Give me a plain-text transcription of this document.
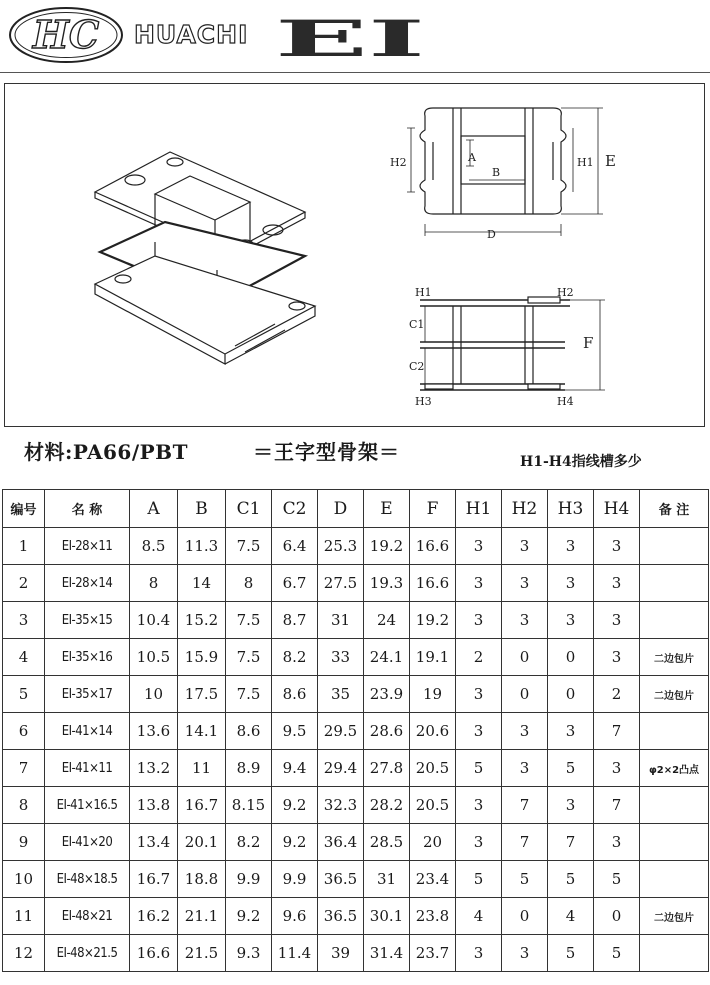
HC HUACHI EI
A
B
D
E
H1
H2
H1	H2
H3	H4
C1
C2
F
材料:PA66/PBT	＝王字型骨架＝	H1-H4指线槽多少
编号	名 称	A	B	C1	C2	D	E	F	H1	H2	H3	H4	备 注
1	EI-28×11	8.5	11.3	7.5	6.4	25.3	19.2	16.6	3	3	3	3	
2	EI-28×14	8	14	8	6.7	27.5	19.3	16.6	3	3	3	3	
3	EI-35×15	10.4	15.2	7.5	8.7	31	24	19.2	3	3	3	3	
4	EI-35×16	10.5	15.9	7.5	8.2	33	24.1	19.1	2	0	0	3	二边包片
5	EI-35×17	10	17.5	7.5	8.6	35	23.9	19	3	0	0	2	二边包片
6	EI-41×14	13.6	14.1	8.6	9.5	29.5	28.6	20.6	3	3	3	7	
7	EI-41×11	13.2	11	8.9	9.4	29.4	27.8	20.5	5	3	5	3	φ2×2凸点
8	EI-41×16.5	13.8	16.7	8.15	9.2	32.3	28.2	20.5	3	7	3	7	
9	EI-41×20	13.4	20.1	8.2	9.2	36.4	28.5	20	3	7	7	3	
10	EI-48×18.5	16.7	18.8	9.9	9.9	36.5	31	23.4	5	5	5	5	
11	EI-48×21	16.2	21.1	9.2	9.6	36.5	30.1	23.8	4	0	4	0	二边包片
12	EI-48×21.5	16.6	21.5	9.3	11.4	39	31.4	23.7	3	3	5	5	
